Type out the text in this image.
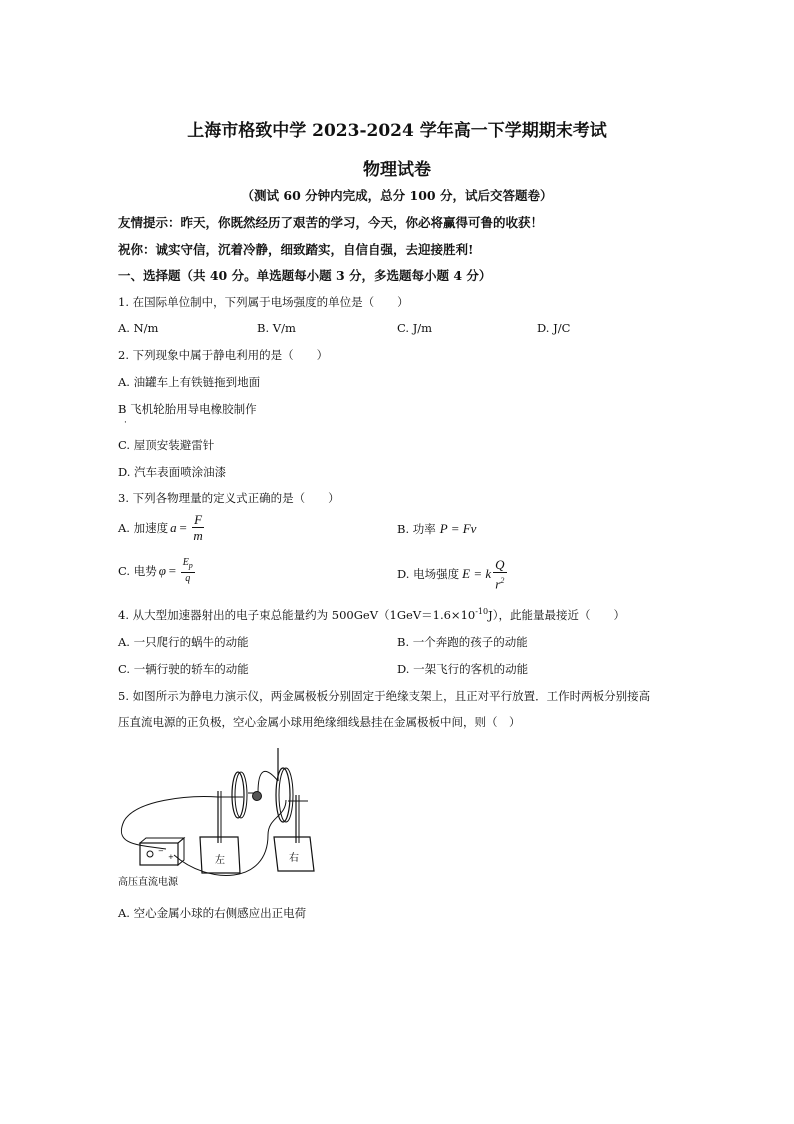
上海市格致中学 2023-2024 学年高一下学期期末考试
物理试卷
（测试 60 分钟内完成，总分 100 分，试后交答题卷）
友情提示：昨天，你既然经历了艰苦的学习，今天，你必将赢得可鲁的收获！
祝你：诚实守信，沉着冷静，细致踏实，自信自强，去迎接胜利!
一、选择题（共 40 分。单选题每小题 3 分，多选题每小题 4 分）
1. 在国际单位制中，下列属于电场强度的单位是（　　）
A. N/m	B. V/m	C. J/m	D. J/C
2. 下列现象中属于静电利用的是（　　）
A. 油罐车上有铁链拖到地面
B 飞机轮胎用导电橡胶制作
·
C. 屋顶安装避雷针
D. 汽车表面喷涂油漆
3. 下列各物理量的定义式正确的是（　　）
A. 加速度 $a = \frac{F}{m}$	B. 功率 P = Fv
C. 电势 $\varphi = \frac{E_p}{q}$	D. 电场强度 E = k $\frac{Q}{r^2}$
4. 从大型加速器射出的电子束总能量约为 $500GeV(1GeV=1.6\times 10^{-10}J)$，此能量最接近（　　）
A. 一只爬行的蜗牛的动能	B. 一个奔跑的孩子的动能
C. 一辆行驶的轿车的动能	D. 一架飞行的客机的动能
5. 如图所示为静电力演示仪，两金属极板分别固定于绝缘支架上，且正对平行放置．工作时两板分别接高
压直流电源的正负极，空心金属小球用绝缘细线悬挂在金属极板中间，则（　）
左	右
−
+
高压直流电源
A. 空心金属小球的右侧感应出正电荷
